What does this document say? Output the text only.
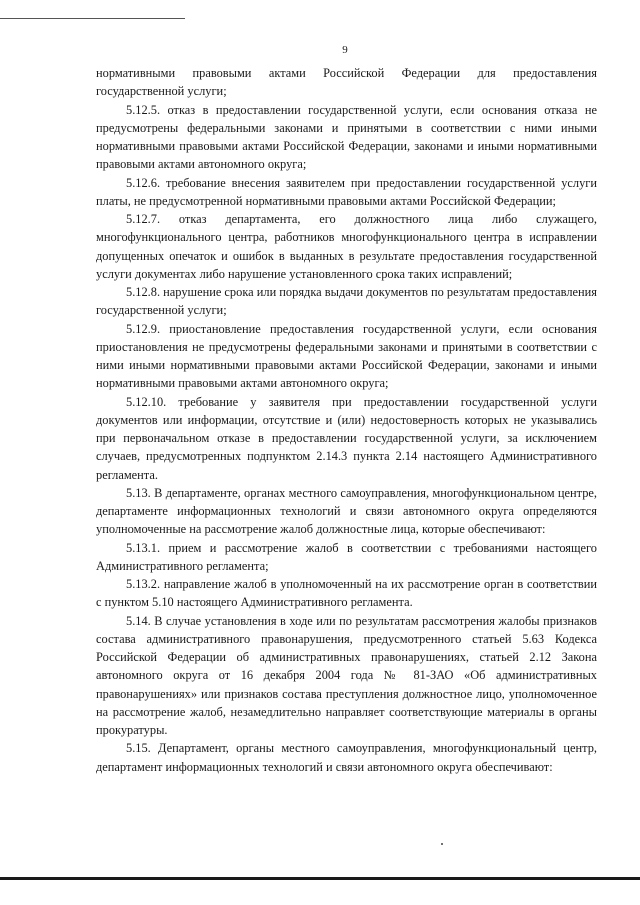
9

нормативными правовыми актами Российской Федерации для предоставления государственной услуги;

5.12.5. отказ в предоставлении государственной услуги, если основания отказа не предусмотрены федеральными законами и принятыми в соответствии с ними иными нормативными правовыми актами Российской Федерации, законами и иными нормативными правовыми актами автономного округа;

5.12.6. требование внесения заявителем при предоставлении государственной услуги платы, не предусмотренной нормативными правовыми актами Российской Федерации;

5.12.7. отказ департамента, его должностного лица либо служащего, многофункционального центра, работников многофункционального центра в исправлении допущенных опечаток и ошибок в выданных в результате предоставления государственной услуги документах либо нарушение установленного срока таких исправлений;

5.12.8. нарушение срока или порядка выдачи документов по результатам предоставления государственной услуги;

5.12.9. приостановление предоставления государственной услуги, если основания приостановления не предусмотрены федеральными законами и принятыми в соответствии с ними иными нормативными правовыми актами Российской Федерации, законами и иными нормативными правовыми актами автономного округа;

5.12.10. требование у заявителя при предоставлении государственной услуги документов или информации, отсутствие и (или) недостоверность которых не указывались при первоначальном отказе в предоставлении государственной услуги, за исключением случаев, предусмотренных подпунктом 2.14.3 пункта 2.14 настоящего Административного регламента.

5.13. В департаменте, органах местного самоуправления, многофункциональном центре, департаменте информационных технологий и связи автономного округа определяются уполномоченные на рассмотрение жалоб должностные лица, которые обеспечивают:

5.13.1. прием и рассмотрение жалоб в соответствии с требованиями настоящего Административного регламента;

5.13.2. направление жалоб в уполномоченный на их рассмотрение орган в соответствии с пунктом 5.10 настоящего Административного регламента.

5.14. В случае установления в ходе или по результатам рассмотрения жалобы признаков состава административного правонарушения, предусмотренного статьей 5.63 Кодекса Российской Федерации об административных правонарушениях, статьей 2.12 Закона автономного округа от 16 декабря 2004 года № 81-ЗАО «Об административных правонарушениях» или признаков состава преступления должностное лицо, уполномоченное на рассмотрение жалоб, незамедлительно направляет соответствующие материалы в органы прокуратуры.

5.15. Департамент, органы местного самоуправления, многофункциональный центр, департамент информационных технологий и связи автономного округа обеспечивают:
